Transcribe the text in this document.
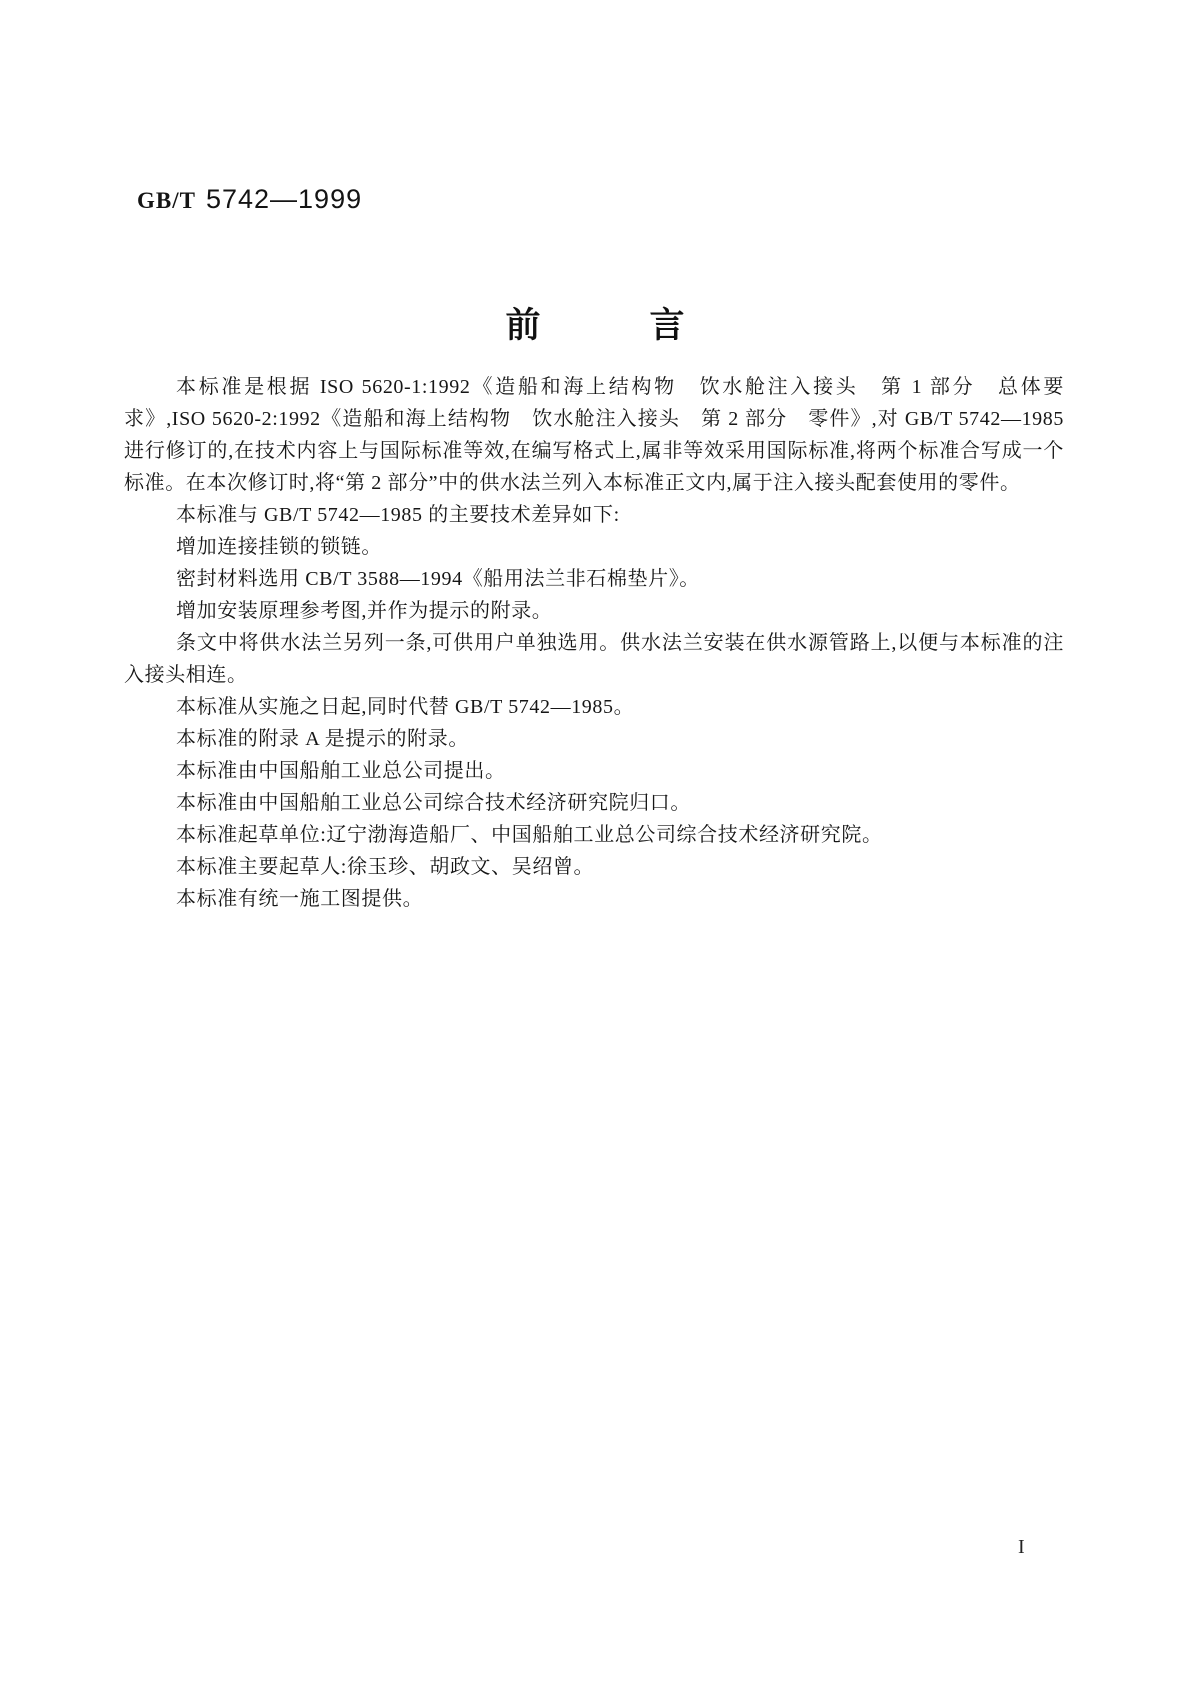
GB/T 5742—1999
前　　　言

本标准是根据 ISO 5620-1:1992《造船和海上结构物　饮水舱注入接头　第 1 部分　总体要求》,ISO 5620-2:1992《造船和海上结构物　饮水舱注入接头　第 2 部分　零件》,对 GB/T 5742—1985 进行修订的,在技术内容上与国际标准等效,在编写格式上,属非等效采用国际标准,将两个标准合写成一个标准。在本次修订时,将“第 2 部分”中的供水法兰列入本标准正文内,属于注入接头配套使用的零件。

本标准与 GB/T 5742—1985 的主要技术差异如下:

增加连接挂锁的锁链。

密封材料选用 CB/T 3588—1994《船用法兰非石棉垫片》。

增加安装原理参考图,并作为提示的附录。

条文中将供水法兰另列一条,可供用户单独选用。供水法兰安装在供水源管路上,以便与本标准的注入接头相连。

本标准从实施之日起,同时代替 GB/T 5742—1985。

本标准的附录 A 是提示的附录。

本标准由中国船舶工业总公司提出。

本标准由中国船舶工业总公司综合技术经济研究院归口。

本标准起草单位:辽宁渤海造船厂、中国船舶工业总公司综合技术经济研究院。

本标准主要起草人:徐玉珍、胡政文、吴绍曾。

本标准有统一施工图提供。

I
